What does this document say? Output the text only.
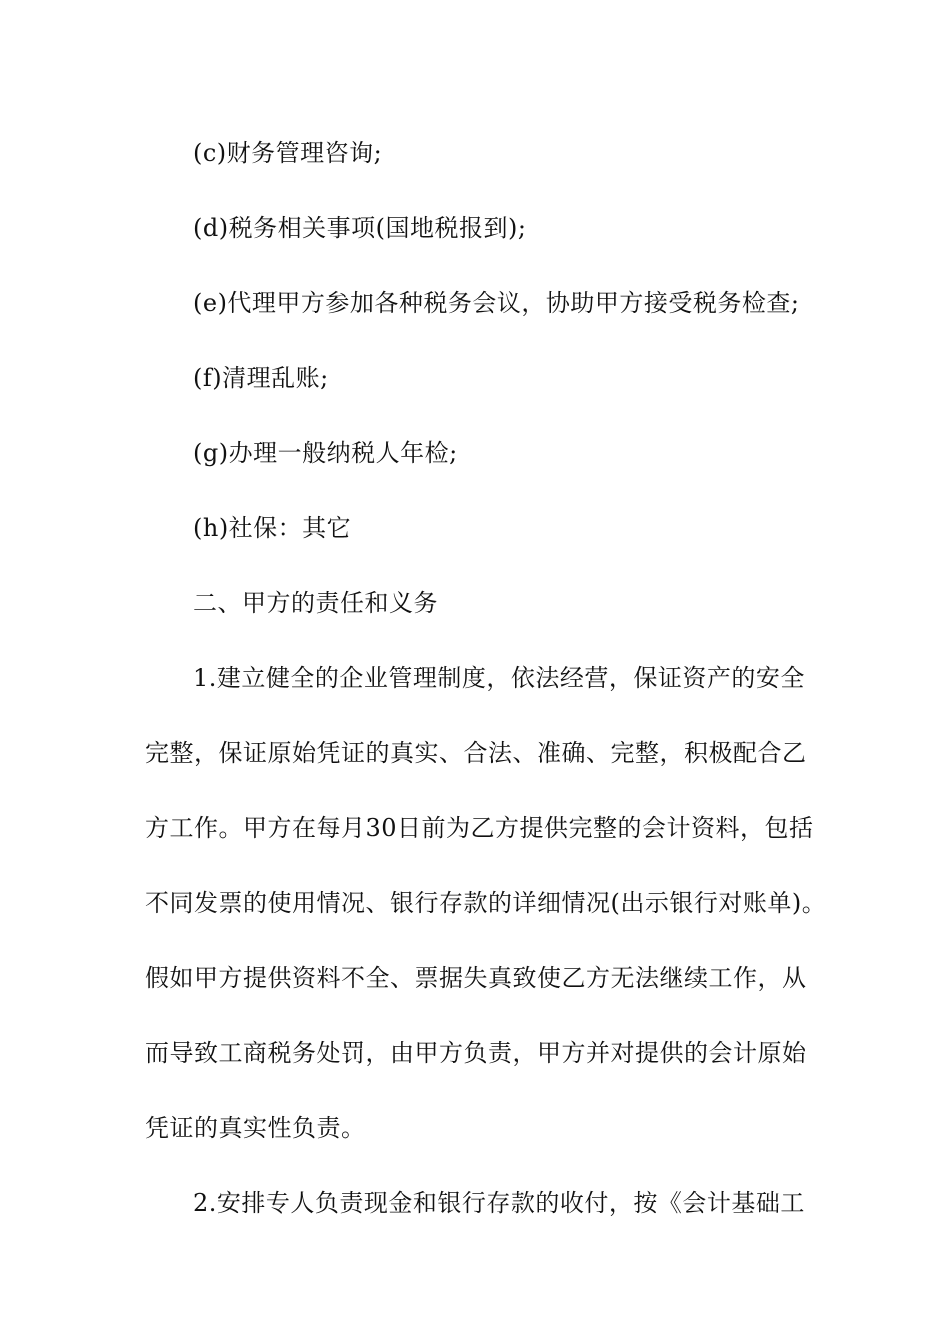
(c)财务管理咨询;
(d)税务相关事项(国地税报到);
(e)代理甲方参加各种税务会议，协助甲方接受税务检查;
(f)清理乱账;
(g)办理一般纳税人年检;
(h)社保：其它
二、甲方的责任和义务
1.建立健全的企业管理制度，依法经营，保证资产的安全
完整，保证原始凭证的真实、合法、准确、完整，积极配合乙
方工作。甲方在每月30日前为乙方提供完整的会计资料，包括
不同发票的使用情况、银行存款的详细情况(出示银行对账单)。
假如甲方提供资料不全、票据失真致使乙方无法继续工作，从
而导致工商税务处罚，由甲方负责，甲方并对提供的会计原始
凭证的真实性负责。
2.安排专人负责现金和银行存款的收付，按《会计基础工
